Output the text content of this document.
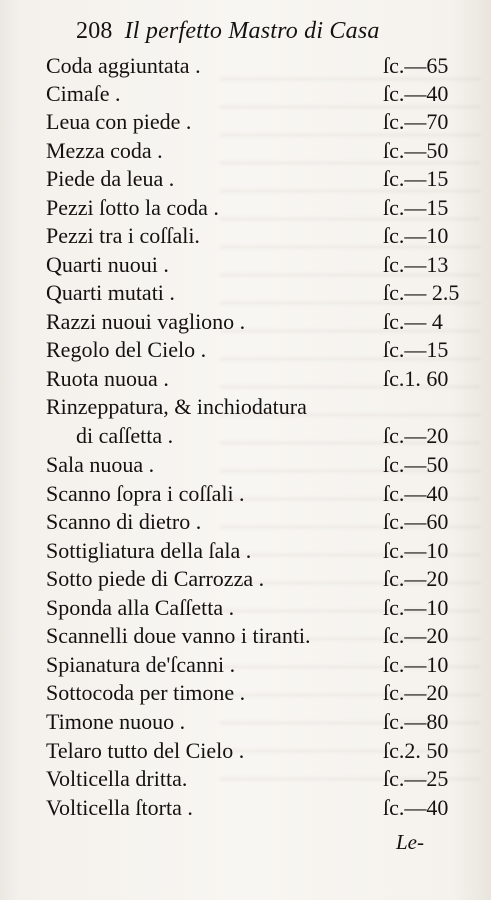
208 Il perfetto Mastro di Casa
Coda aggiuntata .	ſc.—65
Cimaſe .	ſc.—40
Leua con piede .	ſc.—70
Mezza coda .	ſc.—50
Piede da leua .	ſc.—15
Pezzi ſotto la coda .	ſc.—15
Pezzi tra i coſſali.	ſc.—10
Quarti nuoui .	ſc.—13
Quarti mutati .	ſc.— 2.5
Razzi nuoui vagliono .	ſc.— 4
Regolo del Cielo .	ſc.—15
Ruota nuoua .	ſc.1. 60
Rinzeppatura, & inchiodatura
di caſſetta .	ſc.—20
Sala nuoua .	ſc.—50
Scanno ſopra i coſſali .	ſc.—40
Scanno di dietro .	ſc.—60
Sottigliatura della ſala .	ſc.—10
Sotto piede di Carrozza .	ſc.—20
Sponda alla Caſſetta .	ſc.—10
Scannelli doue vanno i tiranti.	ſc.—20
Spianatura de'ſcanni .	ſc.—10
Sottocoda per timone .	ſc.—20
Timone nuouo .	ſc.—80
Telaro tutto del Cielo .	ſc.2. 50
Volticella dritta.	ſc.—25
Volticella ſtorta .	ſc.—40
Le-
